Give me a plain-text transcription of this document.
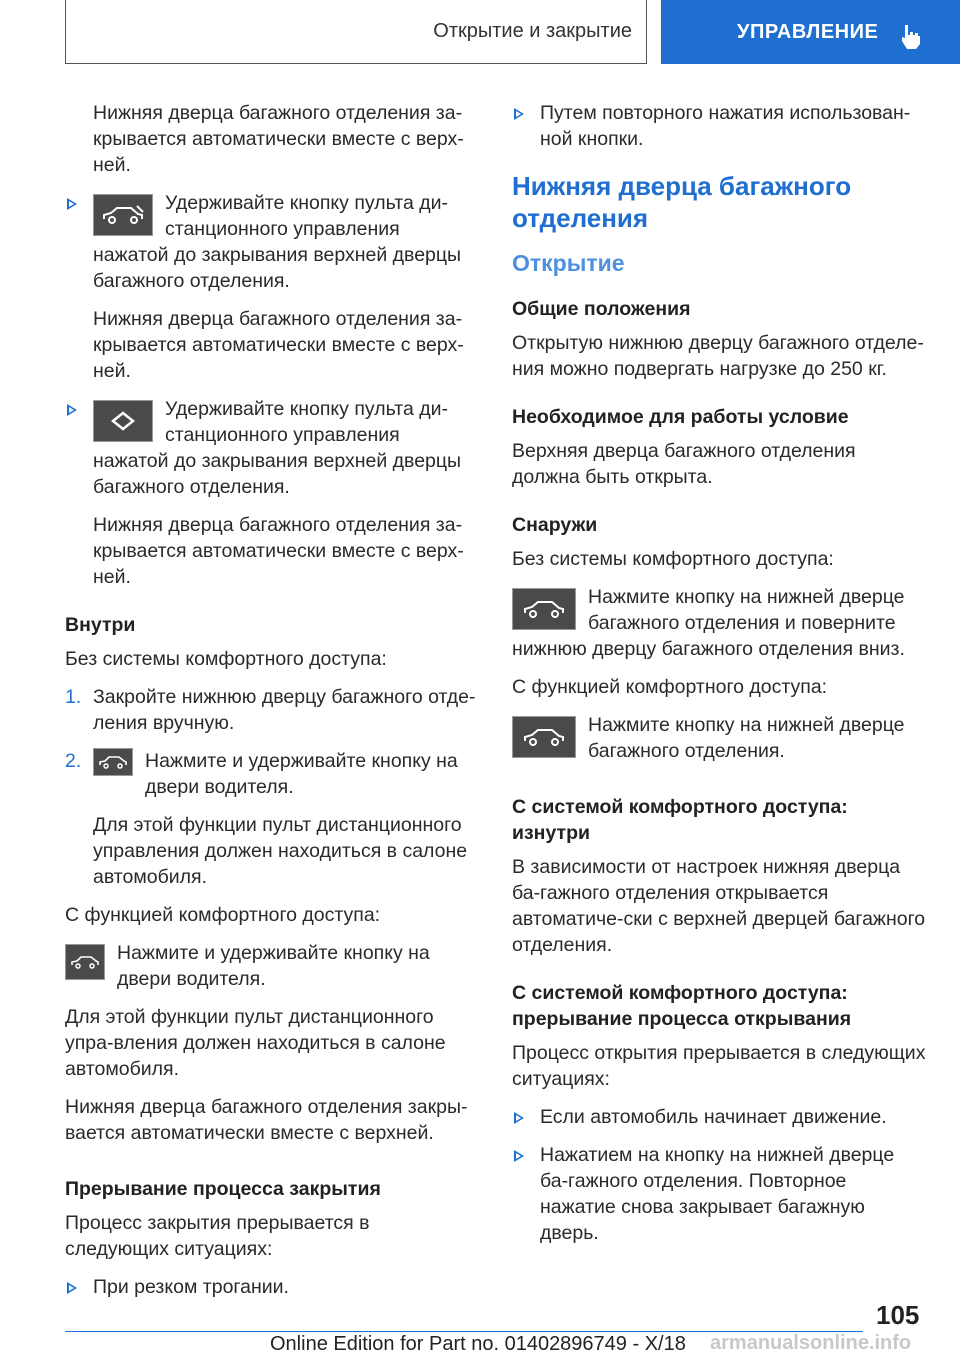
Открытие и закрытие	УПРАВЛЕНИЕ

Нижняя дверца багажного отделения за-крывается автоматически вместе с верх-ней.

Удерживайте кнопку пульта ди-станционного управления нажатой до закрывания верхней дверцы багажного отделения.

Нижняя дверца багажного отделения за-крывается автоматически вместе с верх-ней.

Удерживайте кнопку пульта ди-станционного управления нажатой до закрывания верхней дверцы багажного отделения.

Нижняя дверца багажного отделения за-крывается автоматически вместе с верх-ней.

Внутри

Без системы комфортного доступа:

1. Закройте нижнюю дверцу багажного отде-ления вручную.
2.	Нажмите и удерживайте кнопку на двери водителя.

Для этой функции пульт дистанционного управления должен находиться в салоне автомобиля.

С функцией комфортного доступа:

Нажмите и удерживайте кнопку на двери водителя.

Для этой функции пульт дистанционного упра-вления должен находиться в салоне автомобиля.

Нижняя дверца багажного отделения закры-вается автоматически вместе с верхней.

Прерывание процесса закрытия

Процесс закрытия прерывается в следующих ситуациях:

При резком трогании.
Путем повторного нажатия использован-ной кнопки.
Нижняя дверца багажного отделения
Открытие
Общие положения

Открытую нижнюю дверцу багажного отделе-ния можно подвергать нагрузке до 250 кг.

Необходимое для работы условие

Верхняя дверца багажного отделения должна быть открыта.

Снаружи

Без системы комфортного доступа:

Нажмите кнопку на нижней дверце багажного отделения и поверните нижнюю дверцу багажного отделения вниз.

С функцией комфортного доступа:

Нажмите кнопку на нижней дверце багажного отделения.
С системой комфортного доступа: изнутри

В зависимости от настроек нижняя дверца ба-гажного отделения открывается автоматиче-ски с верхней дверцей багажного отделения.

С системой комфортного доступа: прерывание процесса открывания

Процесс открытия прерывается в следующих ситуациях:

Если автомобиль начинает движение.
Нажатием на кнопку на нижней дверце ба-гажного отделения. Повторное нажатие снова закрывает багажную дверь.
105
Online Edition for Part no. 01402896749 - X/18 armanualsonline.info
